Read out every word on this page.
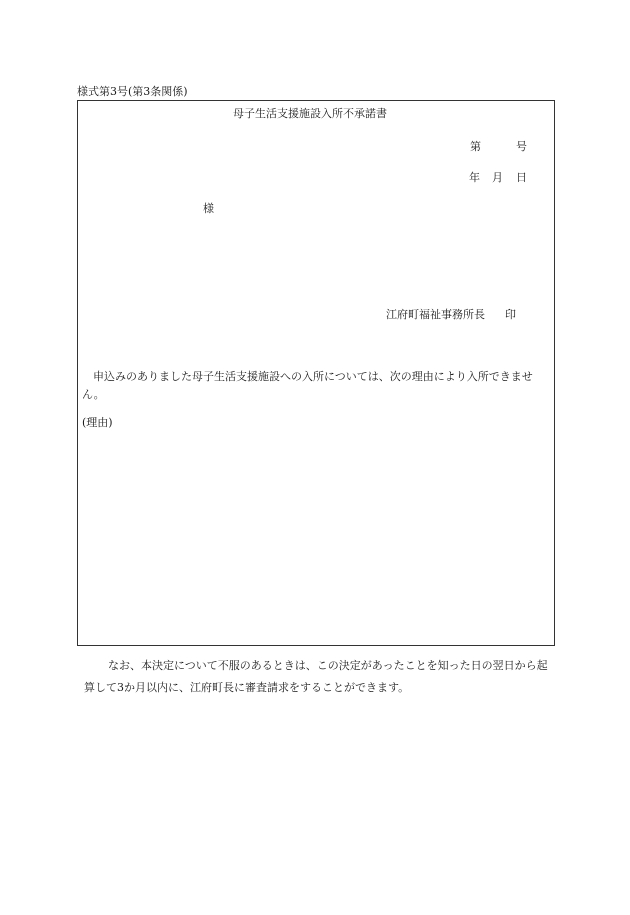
様式第3号(第3条関係)
母子生活支援施設入所不承諾書
第	号
年 月 日
様
江府町福祉事務所長 印
申込みのありました母子生活支援施設への入所については、次の理由により入所できません。
(理由)
なお、本決定について不服のあるときは、この決定があったことを知った日の翌日から起算して3か月以内に、江府町長に審査請求をすることができます。
